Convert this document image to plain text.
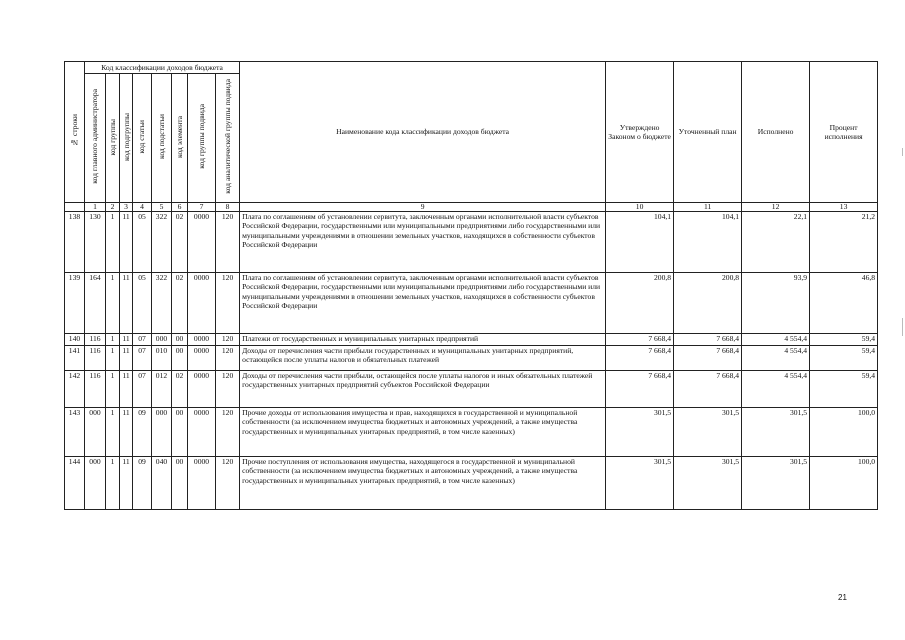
№ строки	Код классификации доходов бюджета								Наименование кода классификации доходов бюджета	Утверждено Законом о бюджете	Уточненный план	Исполнено	Процент исполнения
	код главного администратора	код группы	код подгруппы	код статьи	код подстатьи	код элемента	код группы подвида	код аналитической группы подвида					
	1	2	3	4	5	6	7	8	9	10	11	12	13
138	130	1	11	05	322	02	0000	120	Плата по соглашениям об установлении сервитута, заключенным органами исполнительной власти субъектов Российской Федерации, государственными или муниципальными предприятиями либо государственными или муниципальными учреждениями в отношении земельных участков, находящихся в собственности субъектов Российской Федерации	104,1	104,1	22,1	21,2
139	164	1	11	05	322	02	0000	120	Плата по соглашениям об установлении сервитута, заключенным органами исполнительной власти субъектов Российской Федерации, государственными или муниципальными предприятиями либо государственными или муниципальными учреждениями в отношении земельных участков, находящихся в собственности субъектов Российской Федерации	200,8	200,8	93,9	46,8
140	116	1	11	07	000	00	0000	120	Платежи от государственных и муниципальных унитарных предприятий	7 668,4	7 668,4	4 554,4	59,4
141	116	1	11	07	010	00	0000	120	Доходы от перечисления части прибыли государственных и муниципальных унитарных предприятий, остающейся после уплаты налогов и обязательных платежей	7 668,4	7 668,4	4 554,4	59,4
142	116	1	11	07	012	02	0000	120	Доходы от перечисления части прибыли, остающейся после уплаты налогов и иных обязательных платежей государственных унитарных предприятий субъектов Российской Федерации	7 668,4	7 668,4	4 554,4	59,4
143	000	1	11	09	000	00	0000	120	Прочие доходы от использования имущества и прав, находящихся в государственной и муниципальной собственности (за исключением имущества бюджетных и автономных учреждений, а также имущества государственных и муниципальных унитарных предприятий, в том числе казенных)	301,5	301,5	301,5	100,0
144	000	1	11	09	040	00	0000	120	Прочие поступления от использования имущества, находящегося в государственной и муниципальной собственности (за исключением имущества бюджетных и автономных учреждений, а также имущества государственных и муниципальных унитарных предприятий, в том числе казенных)	301,5	301,5	301,5	100,0
21
